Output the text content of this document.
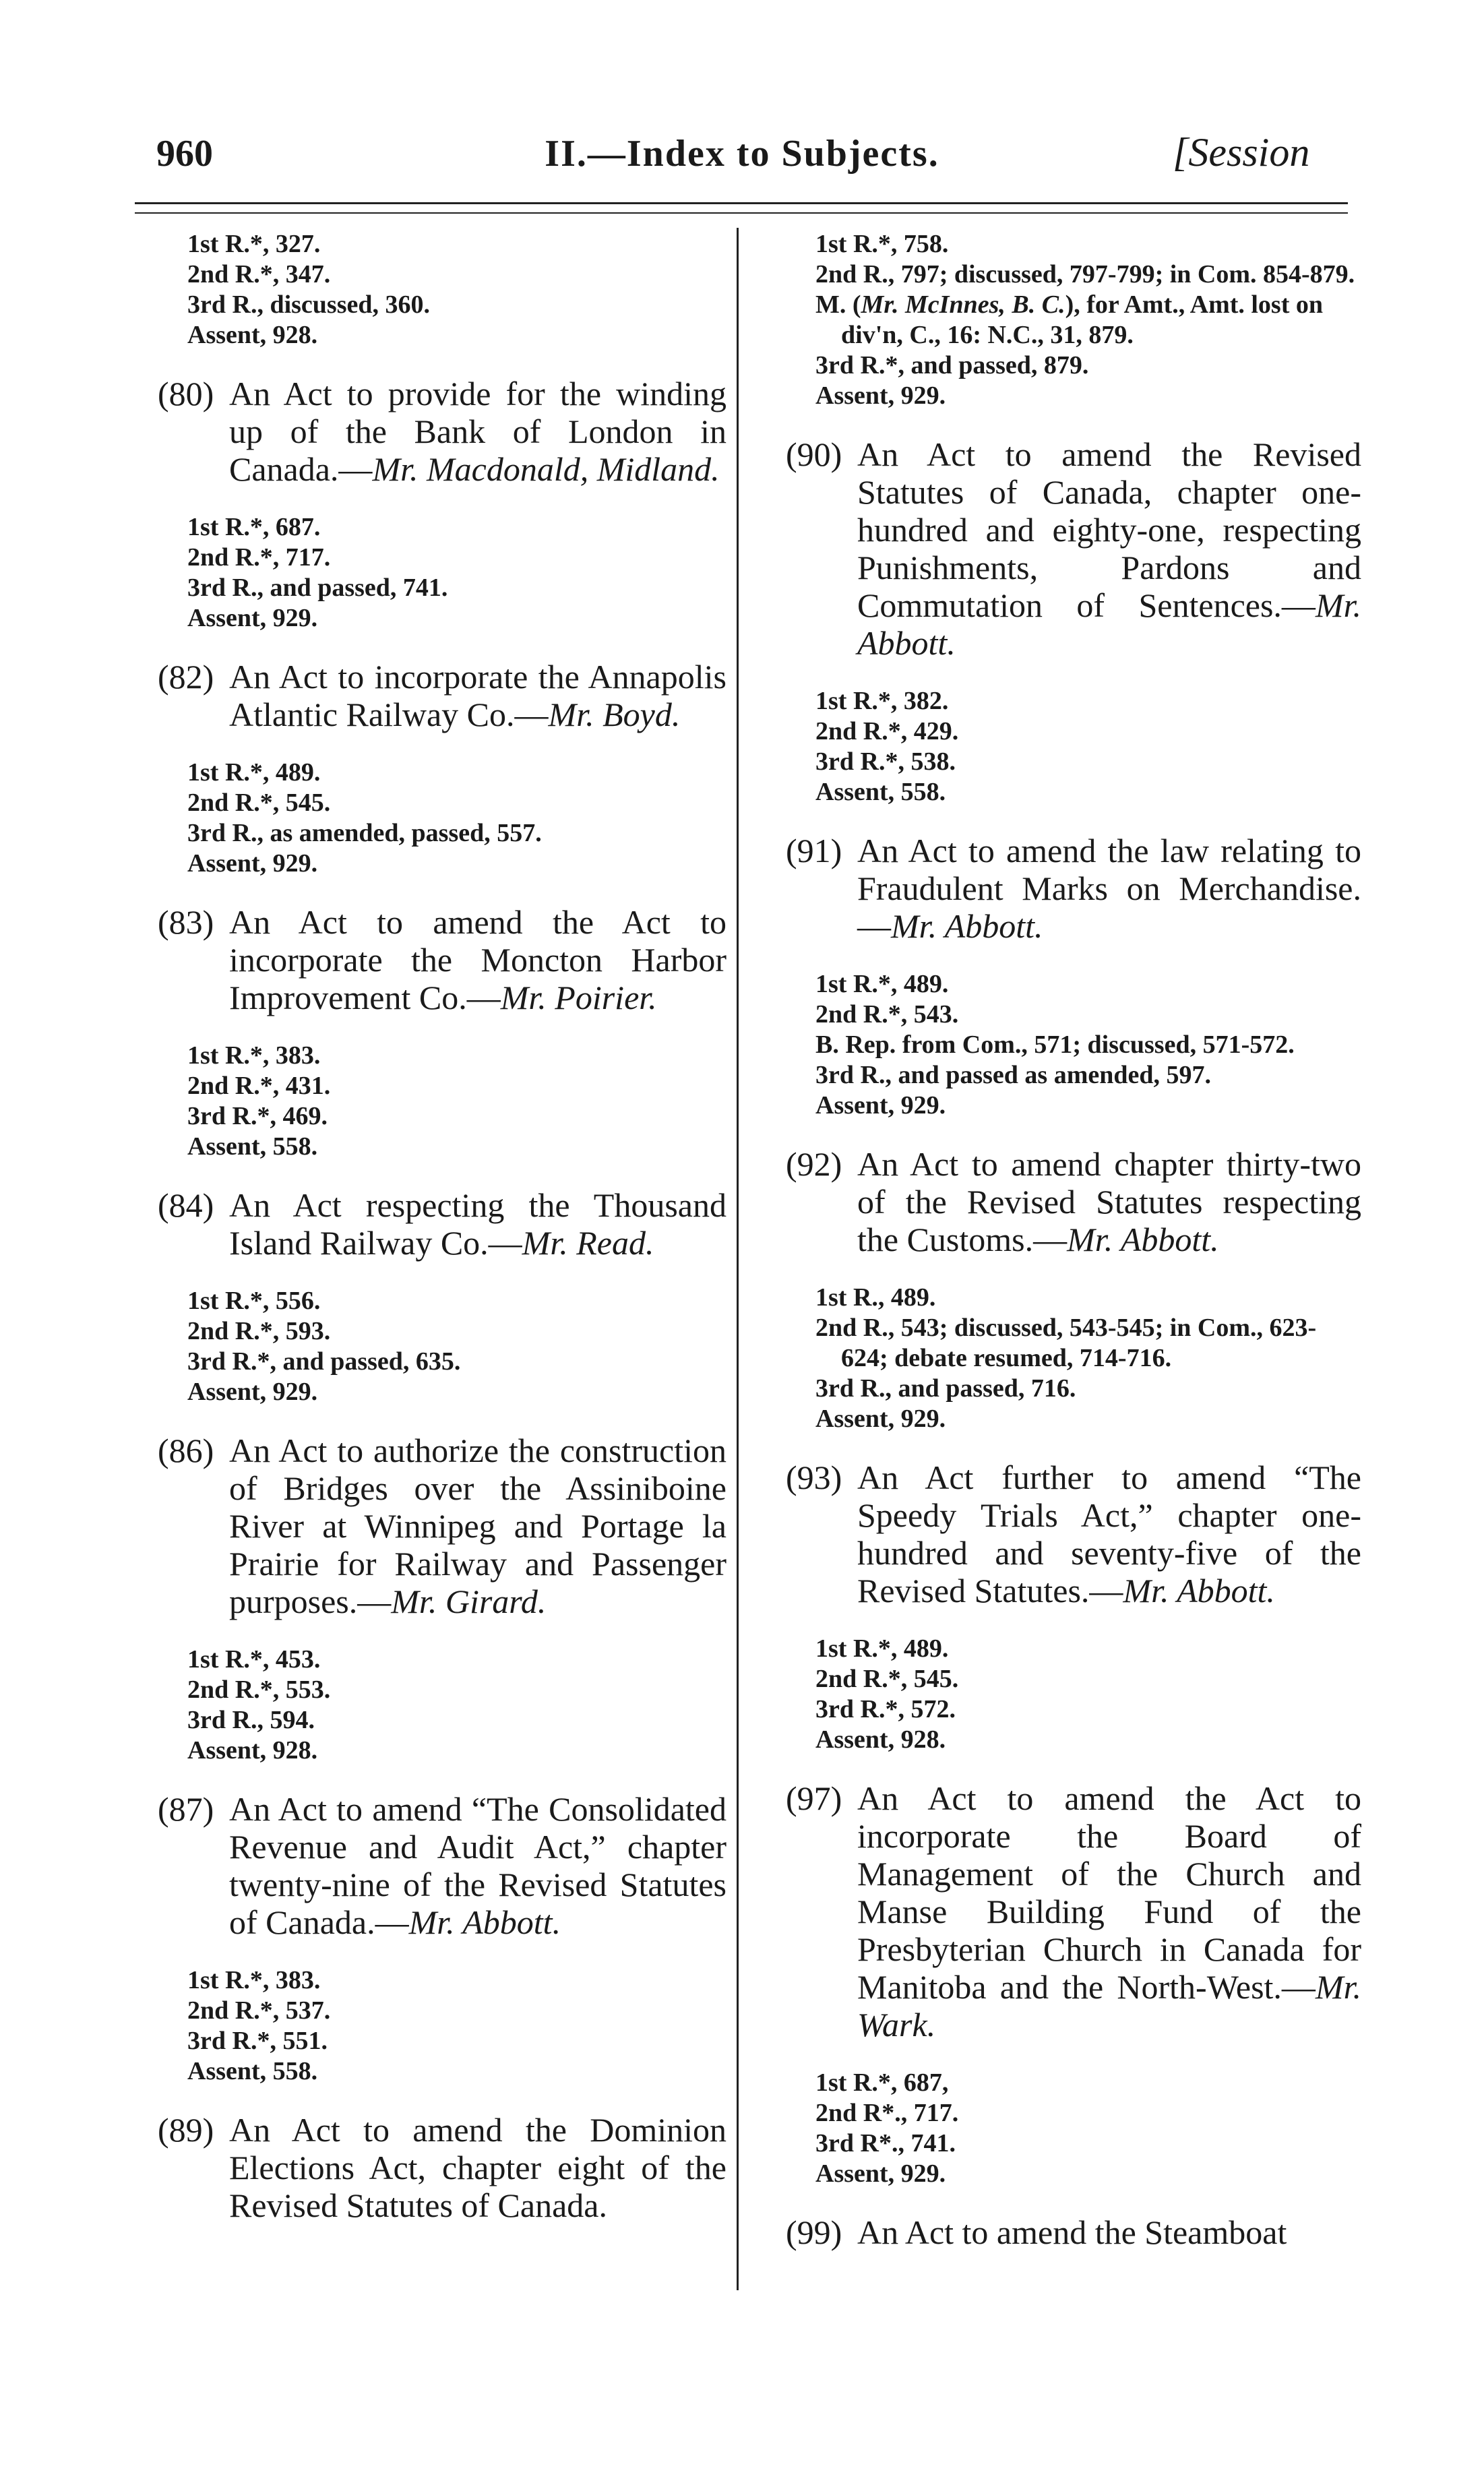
960	II.—Index to Subjects.	[Session
1st R.*, 327.
2nd R.*, 347.
3rd R., discussed, 360.
Assent, 928.
(80) An Act to provide for the winding up of the Bank of London in Canada.—Mr. Macdonald, Midland.
1st R.*, 687.
2nd R.*, 717.
3rd R., and passed, 741.
Assent, 929.
(82) An Act to incorporate the Annapolis Atlantic Railway Co.—Mr. Boyd.
1st R.*, 489.
2nd R.*, 545.
3rd R., as amended, passed, 557.
Assent, 929.
(83) An Act to amend the Act to incorporate the Moncton Harbor Improvement Co.—Mr. Poirier.
1st R.*, 383.
2nd R.*, 431.
3rd R.*, 469.
Assent, 558.
(84) An Act respecting the Thousand Island Railway Co.—Mr. Read.
1st R.*, 556.
2nd R.*, 593.
3rd R.*, and passed, 635.
Assent, 929.
(86) An Act to authorize the construction of Bridges over the Assiniboine River at Winnipeg and Portage la Prairie for Railway and Passenger purposes.—Mr. Girard.
1st R.*, 453.
2nd R.*, 553.
3rd R., 594.
Assent, 928.
(87) An Act to amend “The Consolidated Revenue and Audit Act,” chapter twenty-nine of the Revised Statutes of Canada.—Mr. Abbott.
1st R.*, 383.
2nd R.*, 537.
3rd R.*, 551.
Assent, 558.
(89) An Act to amend the Dominion Elections Act, chapter eight of the Revised Statutes of Canada.
1st R.*, 758.
2nd R., 797; discussed, 797-799; in Com. 854-879.
M. (Mr. McInnes, B. C.), for Amt., Amt. lost on div'n, C., 16: N.C., 31, 879.
3rd R.*, and passed, 879.
Assent, 929.
(90) An Act to amend the Revised Statutes of Canada, chapter one-hundred and eighty-one, respecting Punishments, Pardons and Commutation of Sentences.—Mr. Abbott.
1st R.*, 382.
2nd R.*, 429.
3rd R.*, 538.
Assent, 558.
(91) An Act to amend the law relating to Fraudulent Marks on Merchandise.—Mr. Abbott.
1st R.*, 489.
2nd R.*, 543.
B. Rep. from Com., 571; discussed, 571-572.
3rd R., and passed as amended, 597.
Assent, 929.
(92) An Act to amend chapter thirty-two of the Revised Statutes respecting the Customs.—Mr. Abbott.
1st R., 489.
2nd R., 543; discussed, 543-545; in Com., 623-624; debate resumed, 714-716.
3rd R., and passed, 716.
Assent, 929.
(93) An Act further to amend “The Speedy Trials Act,” chapter one-hundred and seventy-five of the Revised Statutes.—Mr. Abbott.
1st R.*, 489.
2nd R.*, 545.
3rd R.*, 572.
Assent, 928.
(97) An Act to amend the Act to incorporate the Board of Management of the Church and Manse Building Fund of the Presbyterian Church in Canada for Manitoba and the North-West.—Mr. Wark.
1st R.*, 687,
2nd R*., 717.
3rd R*., 741.
Assent, 929.
(99) An Act to amend the Steamboat
